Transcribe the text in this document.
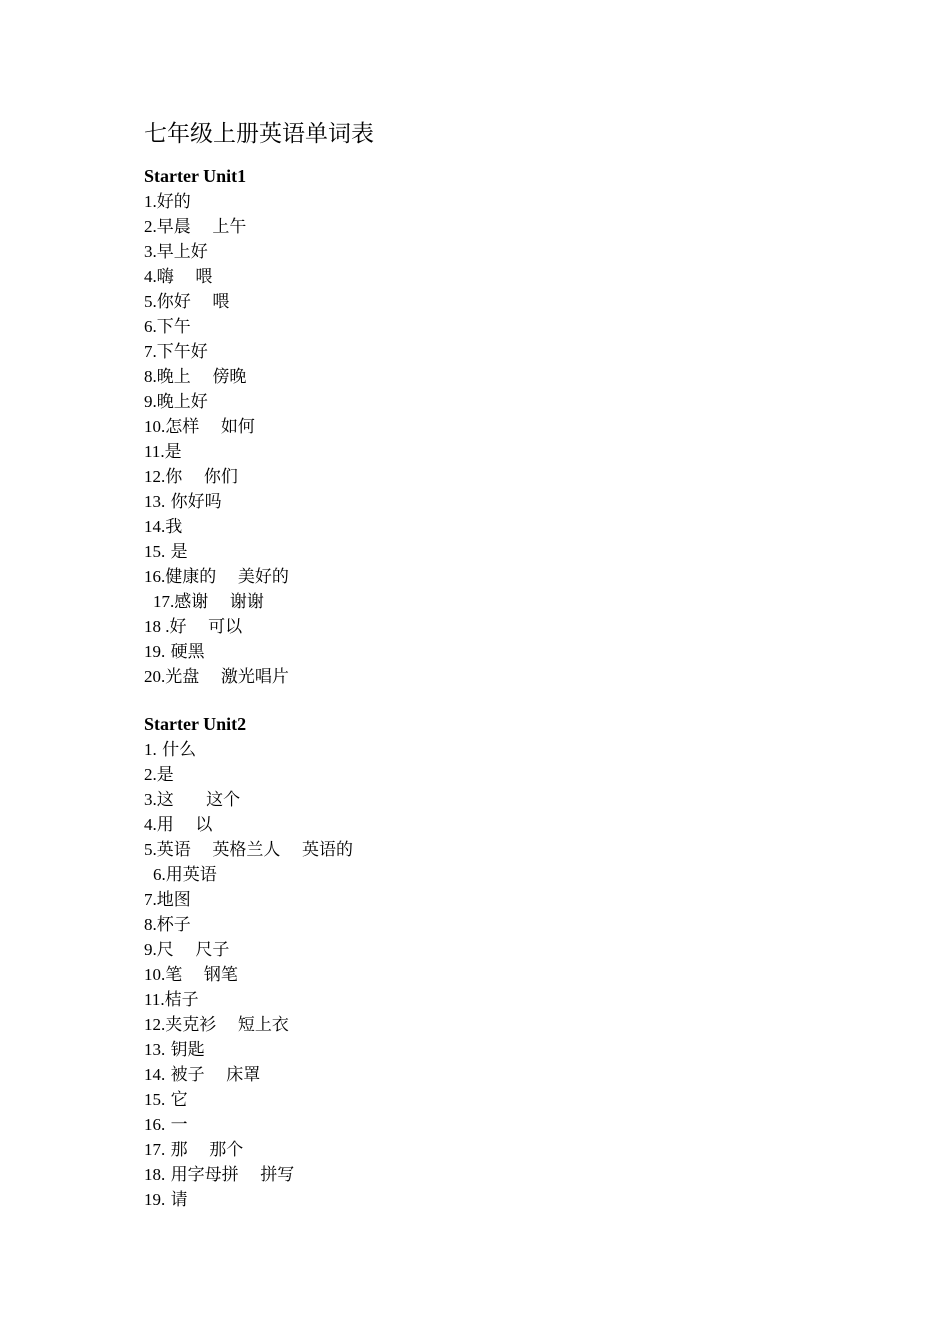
七年级上册英语单词表
Starter Unit1
1.好的
2.早晨    上午
3.早上好
4.嗨    喂
5.你好    喂
6.下午
7.下午好
8.晚上    傍晚
9.晚上好
10.怎样    如何
11.是
12.你    你们
13. 你好吗
14.我
15. 是
16.健康的    美好的
17.感谢    谢谢
18 .好    可以
19. 硬黑
20.光盘    激光唱片
Starter Unit2
1. 什么
2.是
3.这      这个
4.用    以
5.英语    英格兰人    英语的
6.用英语
7.地图
8.杯子
9.尺    尺子
10.笔    钢笔
11.桔子
12.夹克衫    短上衣
13. 钥匙
14. 被子    床罩
15. 它
16. 一
17. 那    那个
18. 用字母拼    拼写
19. 请
